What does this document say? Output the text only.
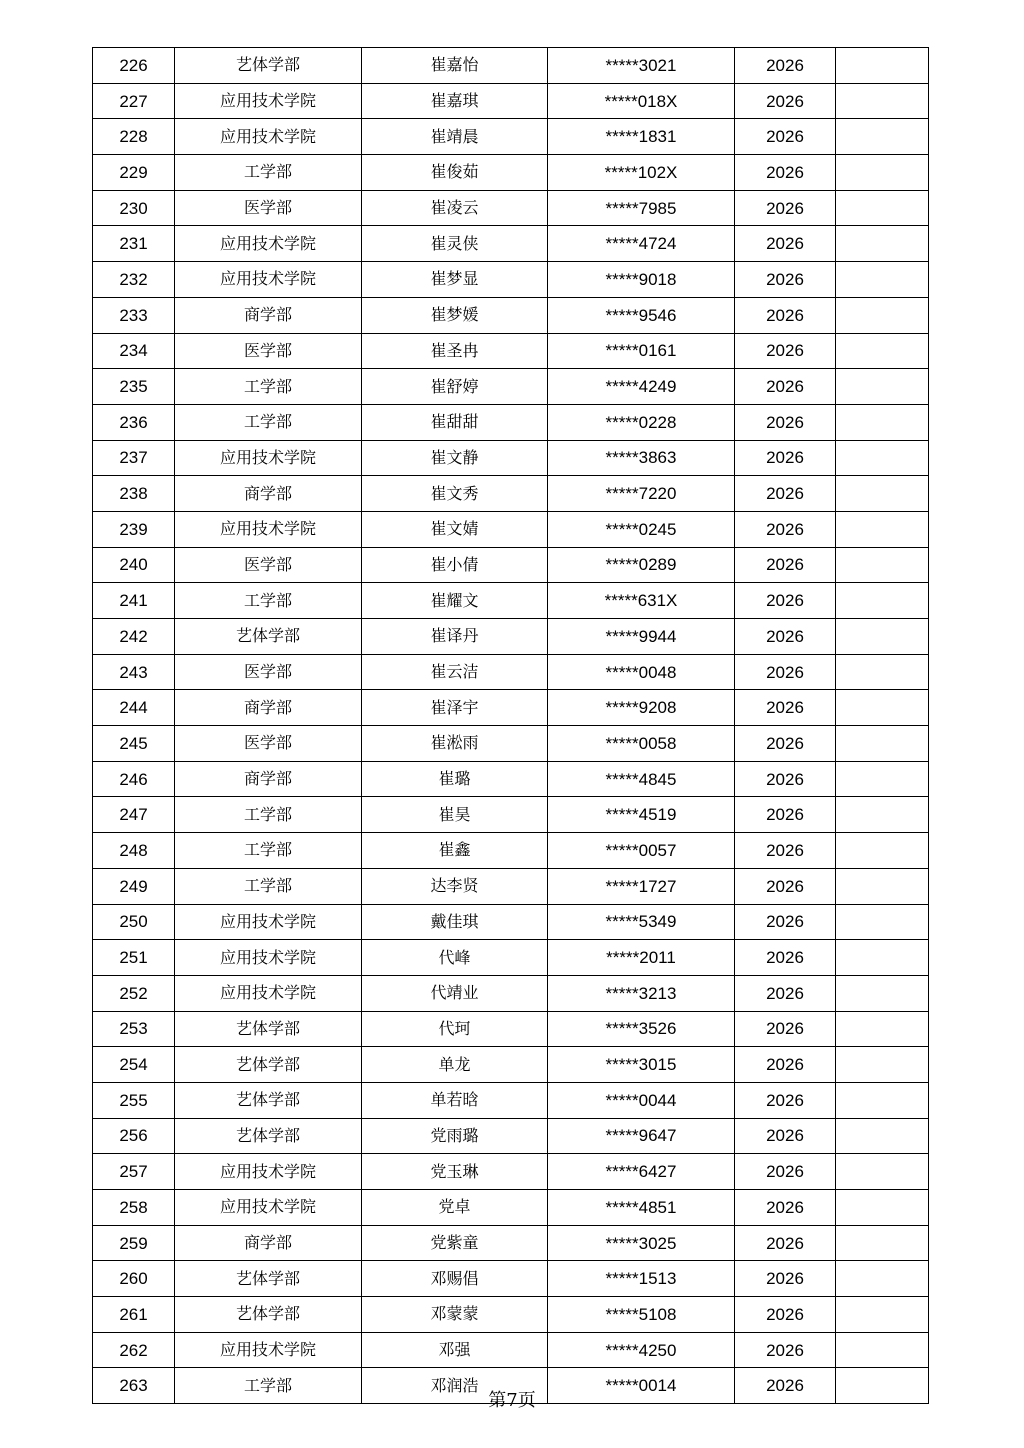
226	艺体学部	崔嘉怡	*****3021	2026	
227	应用技术学院	崔嘉琪	*****018X	2026	
228	应用技术学院	崔靖晨	*****1831	2026	
229	工学部	崔俊茹	*****102X	2026	
230	医学部	崔凌云	*****7985	2026	
231	应用技术学院	崔灵侠	*****4724	2026	
232	应用技术学院	崔梦显	*****9018	2026	
233	商学部	崔梦媛	*****9546	2026	
234	医学部	崔圣冉	*****0161	2026	
235	工学部	崔舒婷	*****4249	2026	
236	工学部	崔甜甜	*****0228	2026	
237	应用技术学院	崔文静	*****3863	2026	
238	商学部	崔文秀	*****7220	2026	
239	应用技术学院	崔文婧	*****0245	2026	
240	医学部	崔小倩	*****0289	2026	
241	工学部	崔耀文	*****631X	2026	
242	艺体学部	崔译丹	*****9944	2026	
243	医学部	崔云洁	*****0048	2026	
244	商学部	崔泽宇	*****9208	2026	
245	医学部	崔淞雨	*****0058	2026	
246	商学部	崔璐	*****4845	2026	
247	工学部	崔昊	*****4519	2026	
248	工学部	崔鑫	*****0057	2026	
249	工学部	达李贤	*****1727	2026	
250	应用技术学院	戴佳琪	*****5349	2026	
251	应用技术学院	代峰	*****2011	2026	
252	应用技术学院	代靖业	*****3213	2026	
253	艺体学部	代珂	*****3526	2026	
254	艺体学部	单龙	*****3015	2026	
255	艺体学部	单若晗	*****0044	2026	
256	艺体学部	党雨璐	*****9647	2026	
257	应用技术学院	党玉琳	*****6427	2026	
258	应用技术学院	党卓	*****4851	2026	
259	商学部	党紫童	*****3025	2026	
260	艺体学部	邓赐倡	*****1513	2026	
261	艺体学部	邓蒙蒙	*****5108	2026	
262	应用技术学院	邓强	*****4250	2026	
263	工学部	邓润浩	*****0014	2026	
第7页
